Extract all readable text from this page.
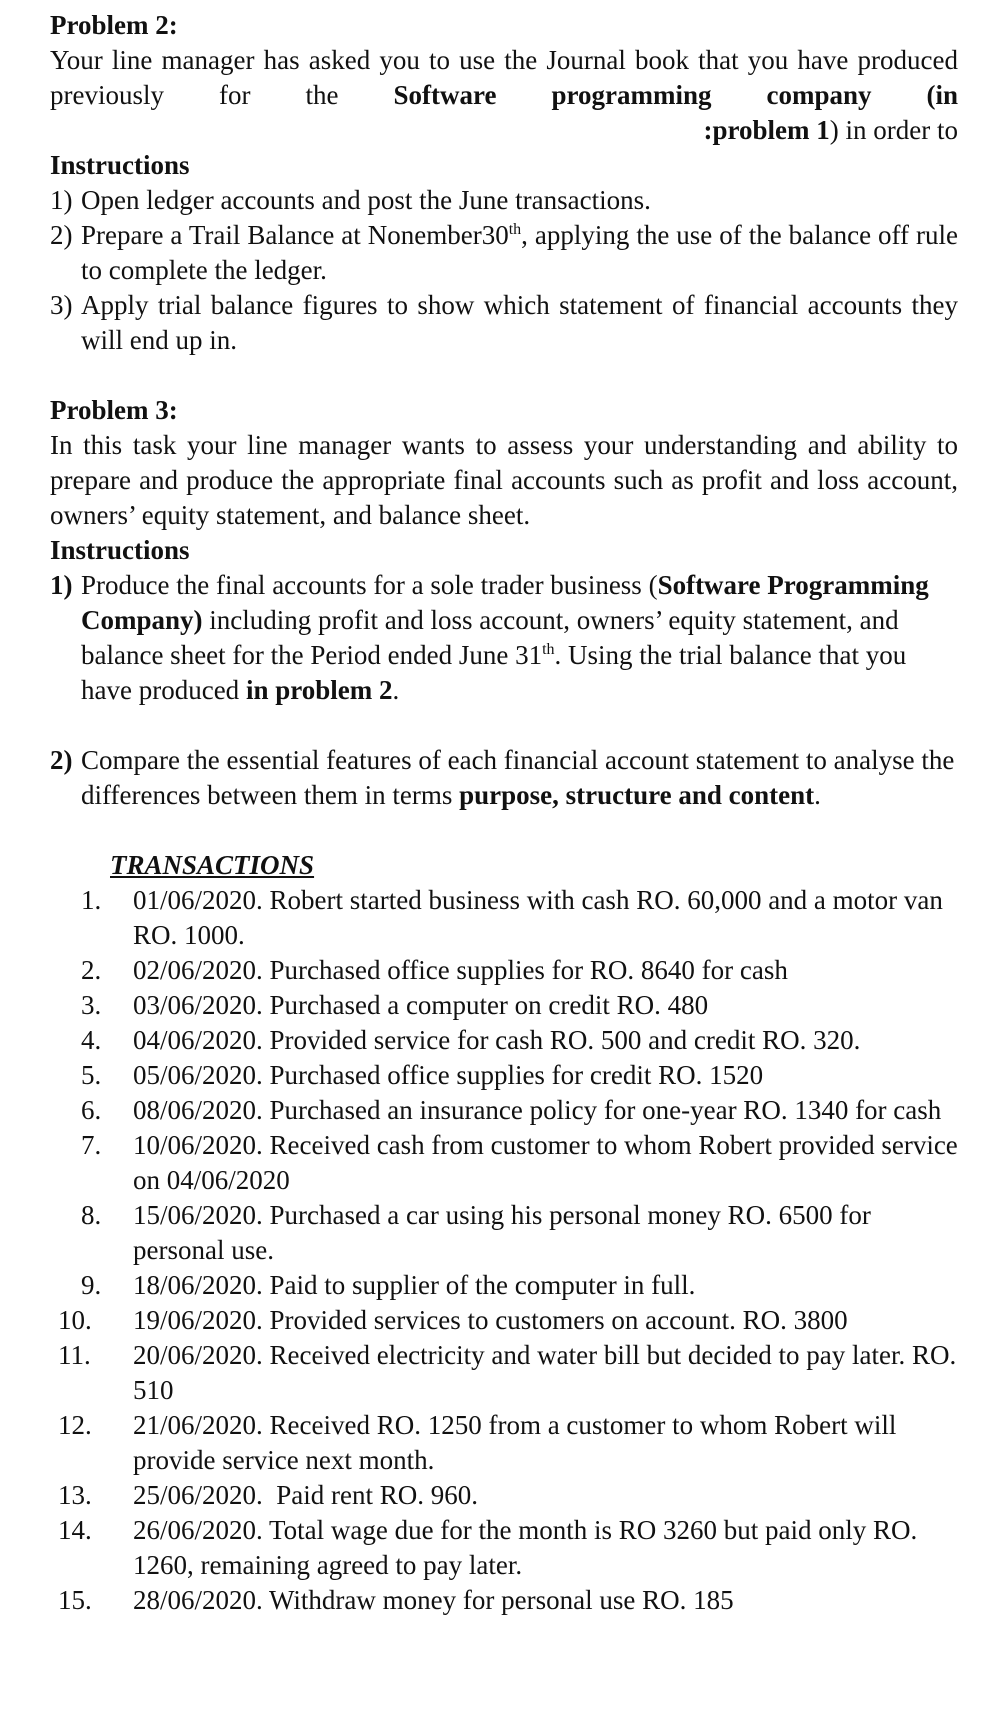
Problem 2:

Your line manager has asked you to use the Journal book that you have produced previously for the Software programming company (in

:problem 1) in order to

Instructions

1) Open ledger accounts and post the June transactions.
2) Prepare a Trail Balance at Nonember30th, applying the use of the balance off rule to complete the ledger.
3) Apply trial balance figures to show which statement of financial accounts they will end up in.

Problem 3:

In this task your line manager wants to assess your understanding and ability to prepare and produce the appropriate final accounts such as profit and loss account, owners’ equity statement, and balance sheet.

Instructions

1) Produce the final accounts for a sole trader business (Software Programming Company) including profit and loss account, owners’ equity statement, and balance sheet for the Period ended June 31th. Using the trial balance that you have produced in problem 2.
2) Compare the essential features of each financial account statement to analyse the differences between them in terms purpose, structure and content.

TRANSACTIONS

1. 01/06/2020. Robert started business with cash RO. 60,000 and a motor van RO. 1000.

2. 02/06/2020. Purchased office supplies for RO. 8640 for cash

3. 03/06/2020. Purchased a computer on credit RO. 480

4. 04/06/2020. Provided service for cash RO. 500 and credit RO. 320.

5. 05/06/2020. Purchased office supplies for credit RO. 1520

6. 08/06/2020. Purchased an insurance policy for one-year RO. 1340 for cash

7. 10/06/2020. Received cash from customer to whom Robert provided service on 04/06/2020

8. 15/06/2020. Purchased a car using his personal money RO. 6500 for personal use.

9. 18/06/2020. Paid to supplier of the computer in full.

10. 19/06/2020. Provided services to customers on account. RO. 3800

11. 20/06/2020. Received electricity and water bill but decided to pay later. RO. 510

12. 21/06/2020. Received RO. 1250 from a customer to whom Robert will provide service next month.

13. 25/06/2020.  Paid rent RO. 960.

14. 26/06/2020. Total wage due for the month is RO 3260 but paid only RO. 1260, remaining agreed to pay later.

15. 28/06/2020. Withdraw money for personal use RO. 185
